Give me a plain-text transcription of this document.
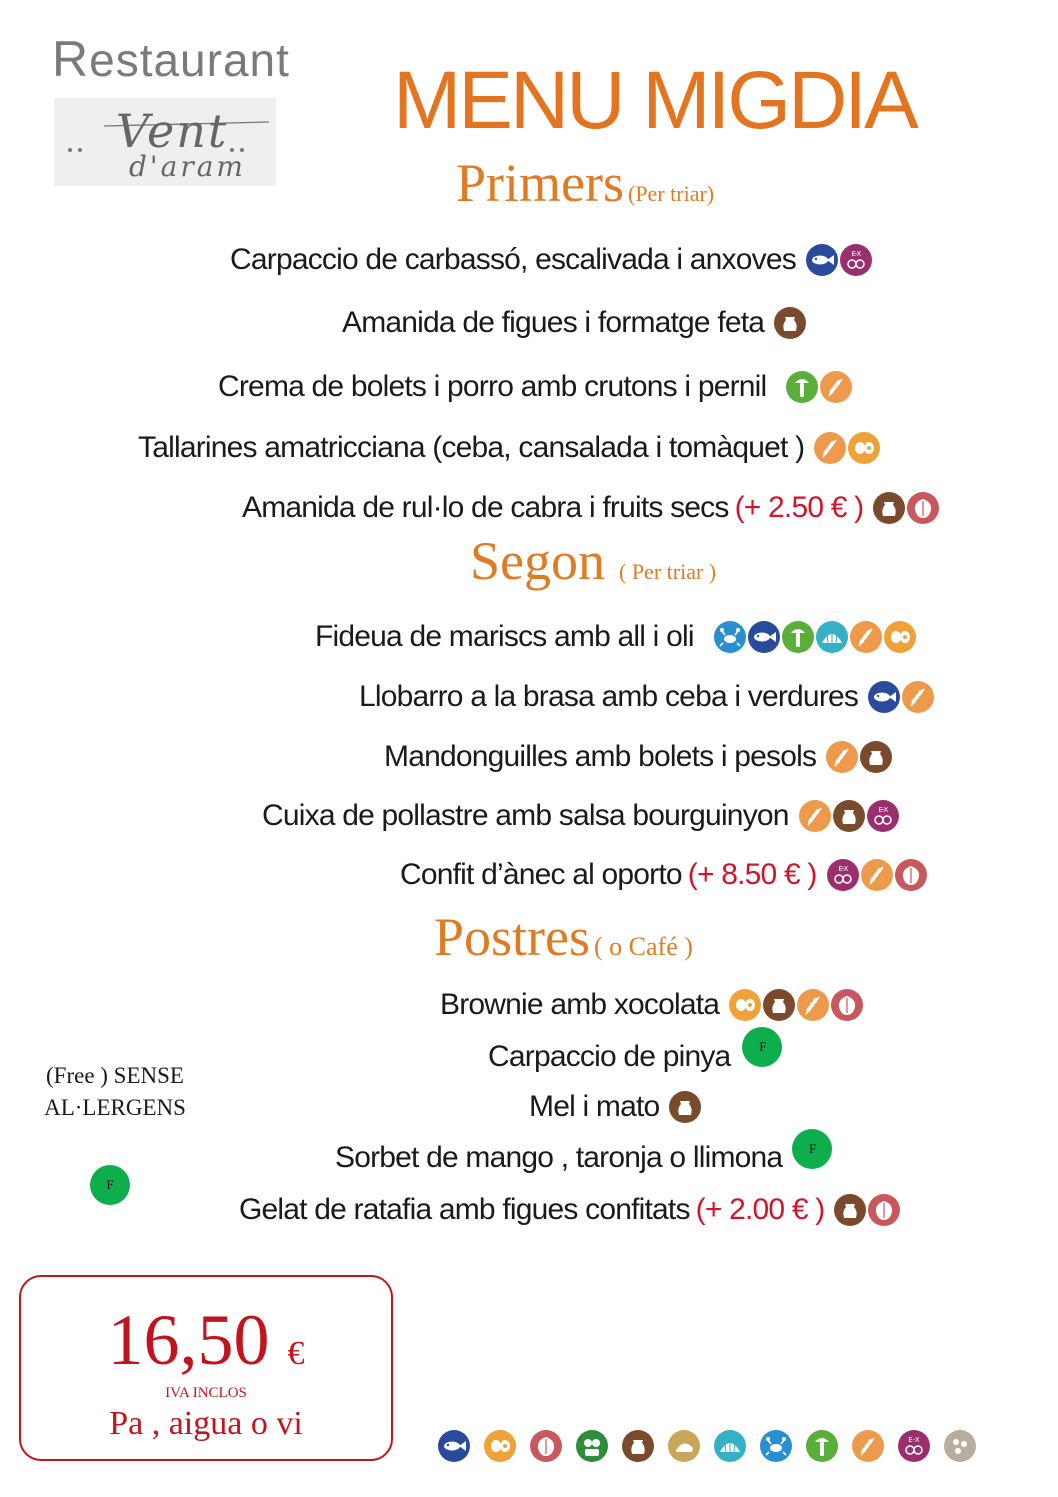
Restaurant
Vent
d'aram
MENU MIGDIA
Primers (Per triar)
Segon ( Per triar )
Postres ( o Café )
Carpaccio de carbassó, escalivada i anxoves	E-X
Amanida de figues i formatge feta
Crema de bolets i porro amb crutons i pernil
Tallarines amatricciana (ceba, cansalada i tomàquet )
Amanida de rul·lo de cabra i fruits secs (+ 2.50 € )
Fideua de mariscs amb all i oli
Llobarro a la brasa amb ceba i verdures
Mandonguilles amb bolets i pesols
Cuixa de pollastre amb salsa bourguinyon	E-X
Confit d’ànec al oporto (+ 8.50 € )	E-X
Brownie amb xocolata
Carpaccio de pinya	F
Mel i mato
Sorbet de mango , taronja o llimona	F
Gelat de ratafia amb figues confitats (+ 2.00 € )
(Free ) SENSE
AL·LERGENS
F
16,50 €
IVA INCLOS
Pa , aigua o vi	E-X
